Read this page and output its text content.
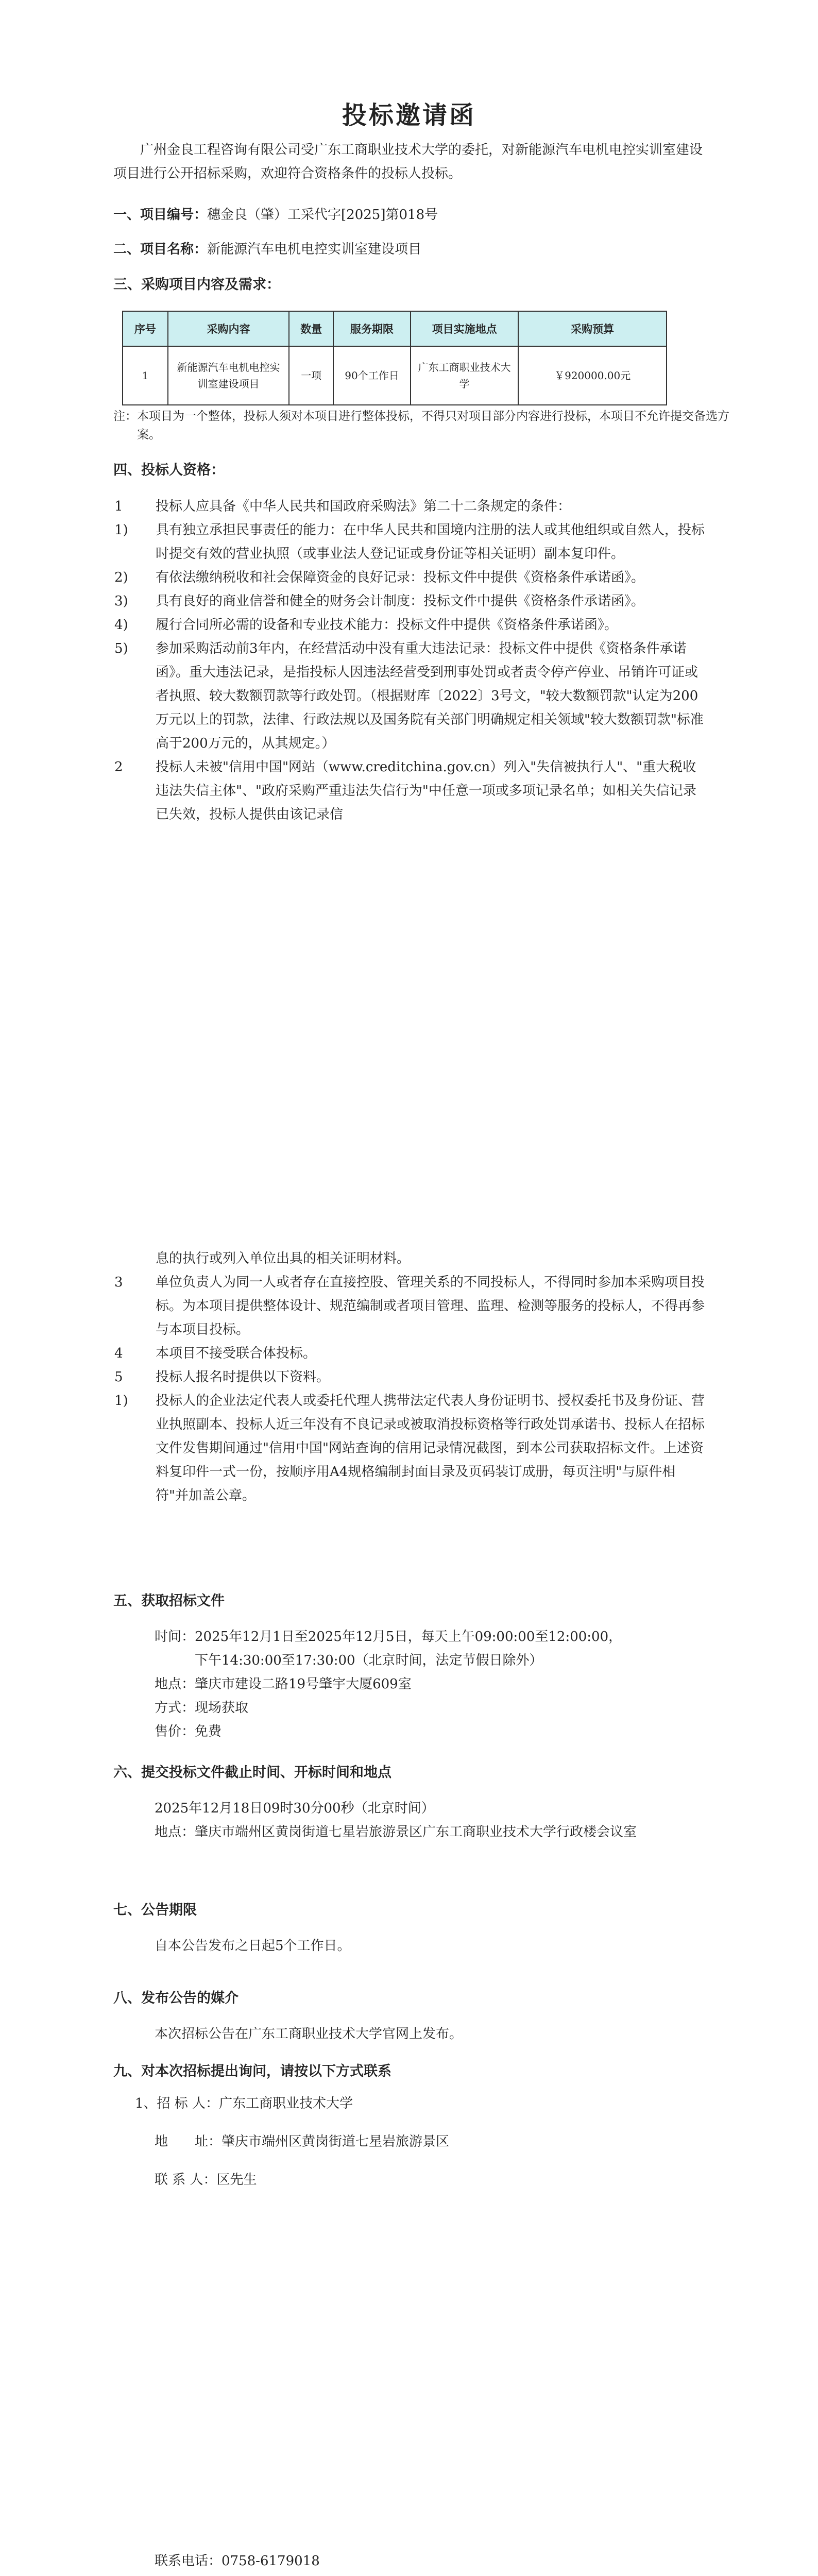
投标邀请函
广州金良工程咨询有限公司受广东工商职业技术大学的委托，对新能源汽车电机电控实训室建设项目进行公开招标采购，欢迎符合资格条件的投标人投标。
一、项目编号：穗金良（肇）工采代字[2025]第018号
二、项目名称：新能源汽车电机电控实训室建设项目
三、采购项目内容及需求：
序号	采购内容	数量	服务期限	项目实施地点	采购预算
1	新能源汽车电机电控实训室建设项目	一项	90个工作日	广东工商职业技术大学	￥920000.00元
注：本项目为一个整体，投标人须对本项目进行整体投标，不得只对项目部分内容进行投标，本项目不允许提交备选方案。
四、投标人资格：
1 投标人应具备《中华人民共和国政府采购法》第二十二条规定的条件：
1) 具有独立承担民事责任的能力：在中华人民共和国境内注册的法人或其他组织或自然人，投标时提交有效的营业执照（或事业法人登记证或身份证等相关证明）副本复印件。
2) 有依法缴纳税收和社会保障资金的良好记录：投标文件中提供《资格条件承诺函》。
3) 具有良好的商业信誉和健全的财务会计制度：投标文件中提供《资格条件承诺函》。
4) 履行合同所必需的设备和专业技术能力：投标文件中提供《资格条件承诺函》。
5) 参加采购活动前3年内，在经营活动中没有重大违法记录：投标文件中提供《资格条件承诺函》。重大违法记录，是指投标人因违法经营受到刑事处罚或者责令停产停业、吊销许可证或者执照、较大数额罚款等行政处罚。（根据财库〔2022〕3号文，"较大数额罚款"认定为200万元以上的罚款，法律、行政法规以及国务院有关部门明确规定相关领域"较大数额罚款"标准高于200万元的，从其规定。）
2 投标人未被"信用中国"网站（www.creditchina.gov.cn）列入"失信被执行人"、"重大税收违法失信主体"、"政府采购严重违法失信行为"中任意一项或多项记录名单；如相关失信记录已失效，投标人提供由该记录信
息的执行或列入单位出具的相关证明材料。
3 单位负责人为同一人或者存在直接控股、管理关系的不同投标人，不得同时参加本采购项目投标。为本项目提供整体设计、规范编制或者项目管理、监理、检测等服务的投标人，不得再参与本项目投标。
4 本项目不接受联合体投标。
5 投标人报名时提供以下资料。
1) 投标人的企业法定代表人或委托代理人携带法定代表人身份证明书、授权委托书及身份证、营业执照副本、投标人近三年没有不良记录或被取消投标资格等行政处罚承诺书、投标人在招标文件发售期间通过"信用中国"网站查询的信用记录情况截图，到本公司获取招标文件。上述资料复印件一式一份，按顺序用A4规格编制封面目录及页码装订成册，每页注明"与原件相符"并加盖公章。
五、获取招标文件
时间：2025年12月1日至2025年12月5日，每天上午09:00:00至12:00:00，
下午14:30:00至17:30:00（北京时间，法定节假日除外）
地点：肇庆市建设二路19号肇宇大厦609室
方式：现场获取
售价：免费
六、提交投标文件截止时间、开标时间和地点
2025年12月18日09时30分00秒（北京时间）
地点：肇庆市端州区黄岗街道七星岩旅游景区广东工商职业技术大学行政楼会议室
七、公告期限
自本公告发布之日起5个工作日。
八、发布公告的媒介
本次招标公告在广东工商职业技术大学官网上发布。
九、对本次招标提出询问，请按以下方式联系
1、招 标 人：广东工商职业技术大学
地　　址：肇庆市端州区黄岗街道七星岩旅游景区
联 系 人：区先生
联系电话：0758-6179018
